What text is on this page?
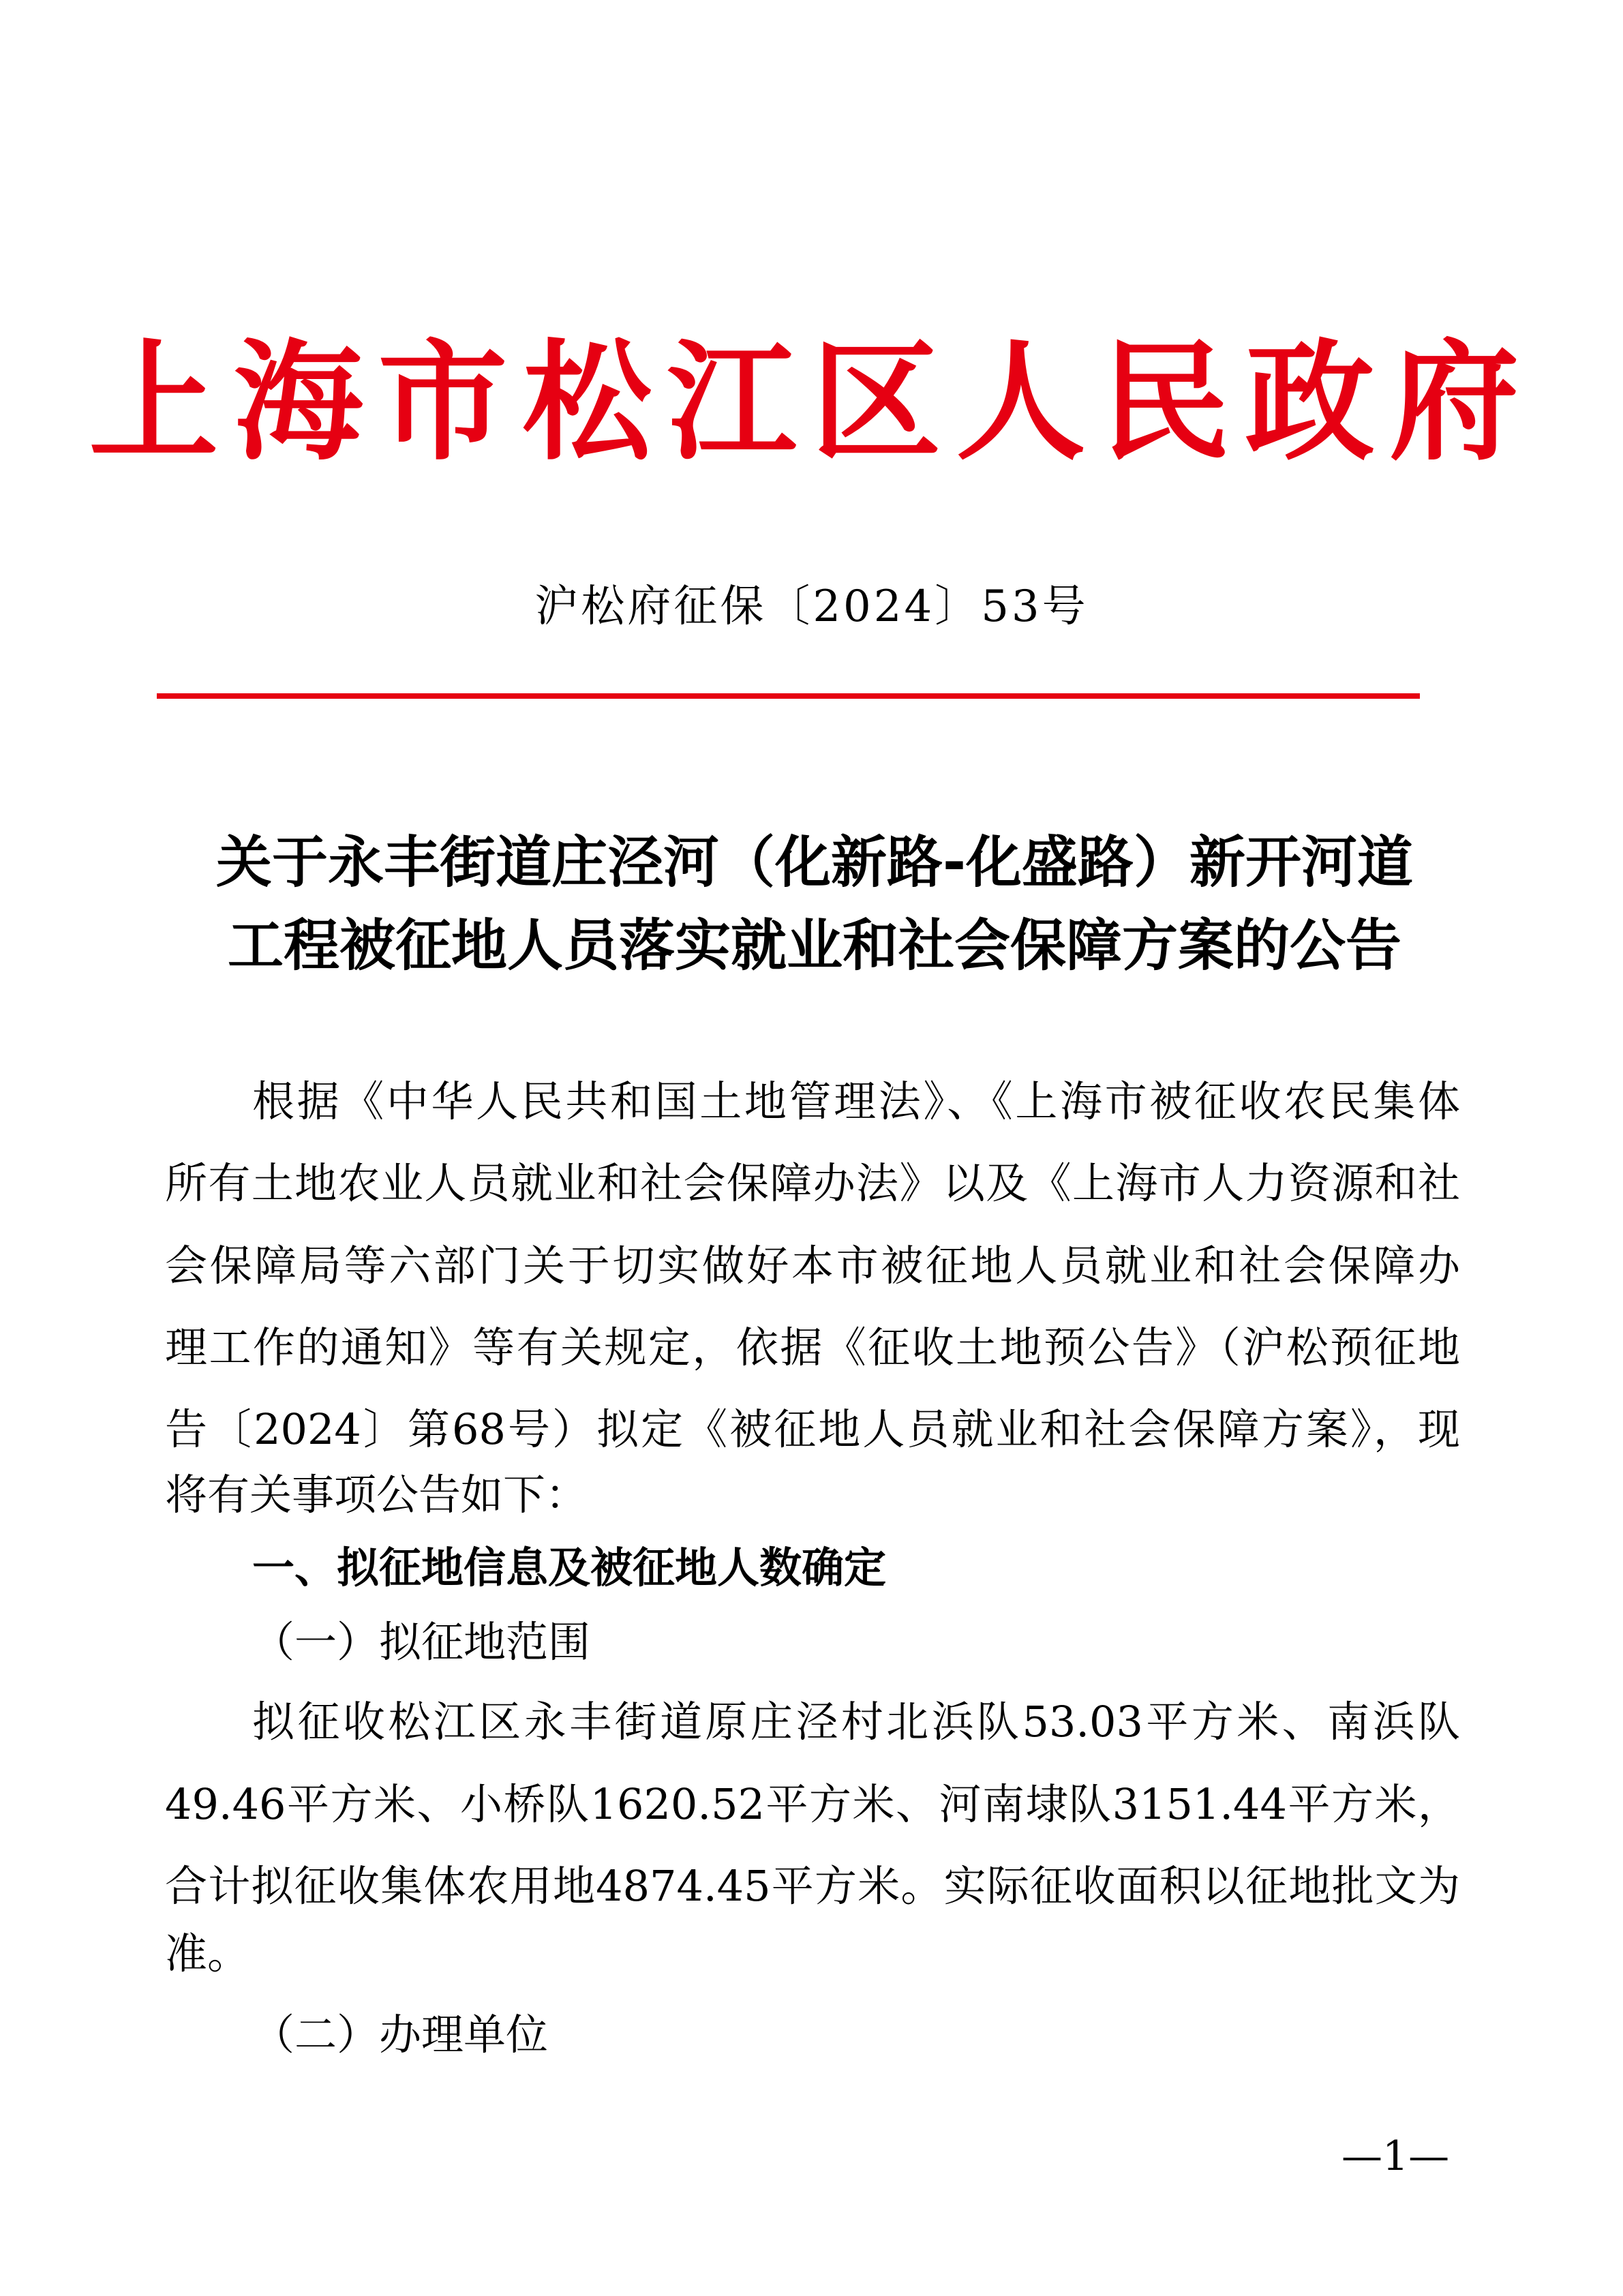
上海市松江区人民政府
沪松府征保〔2024〕53号
关于永丰街道庄泾河（化新路-化盛路）新开河道
工程被征地人员落实就业和社会保障方案的公告
根据《中华人民共和国土地管理法》、《上海市被征收农民集体
所有土地农业人员就业和社会保障办法》以及《上海市人力资源和社
会保障局等六部门关于切实做好本市被征地人员就业和社会保障办
理工作的通知》等有关规定，依据《征收土地预公告》（沪松预征地
告〔2024〕第68号）拟定《被征地人员就业和社会保障方案》，现
将有关事项公告如下：
一、拟征地信息及被征地人数确定
（一）拟征地范围
拟征收松江区永丰街道原庄泾村北浜队53.03平方米、南浜队
49.46平方米、小桥队1620.52平方米、河南埭队3151.44平方米，
合计拟征收集体农用地4874.45平方米。实际征收面积以征地批文为
准。
（二）办理单位
—1—
